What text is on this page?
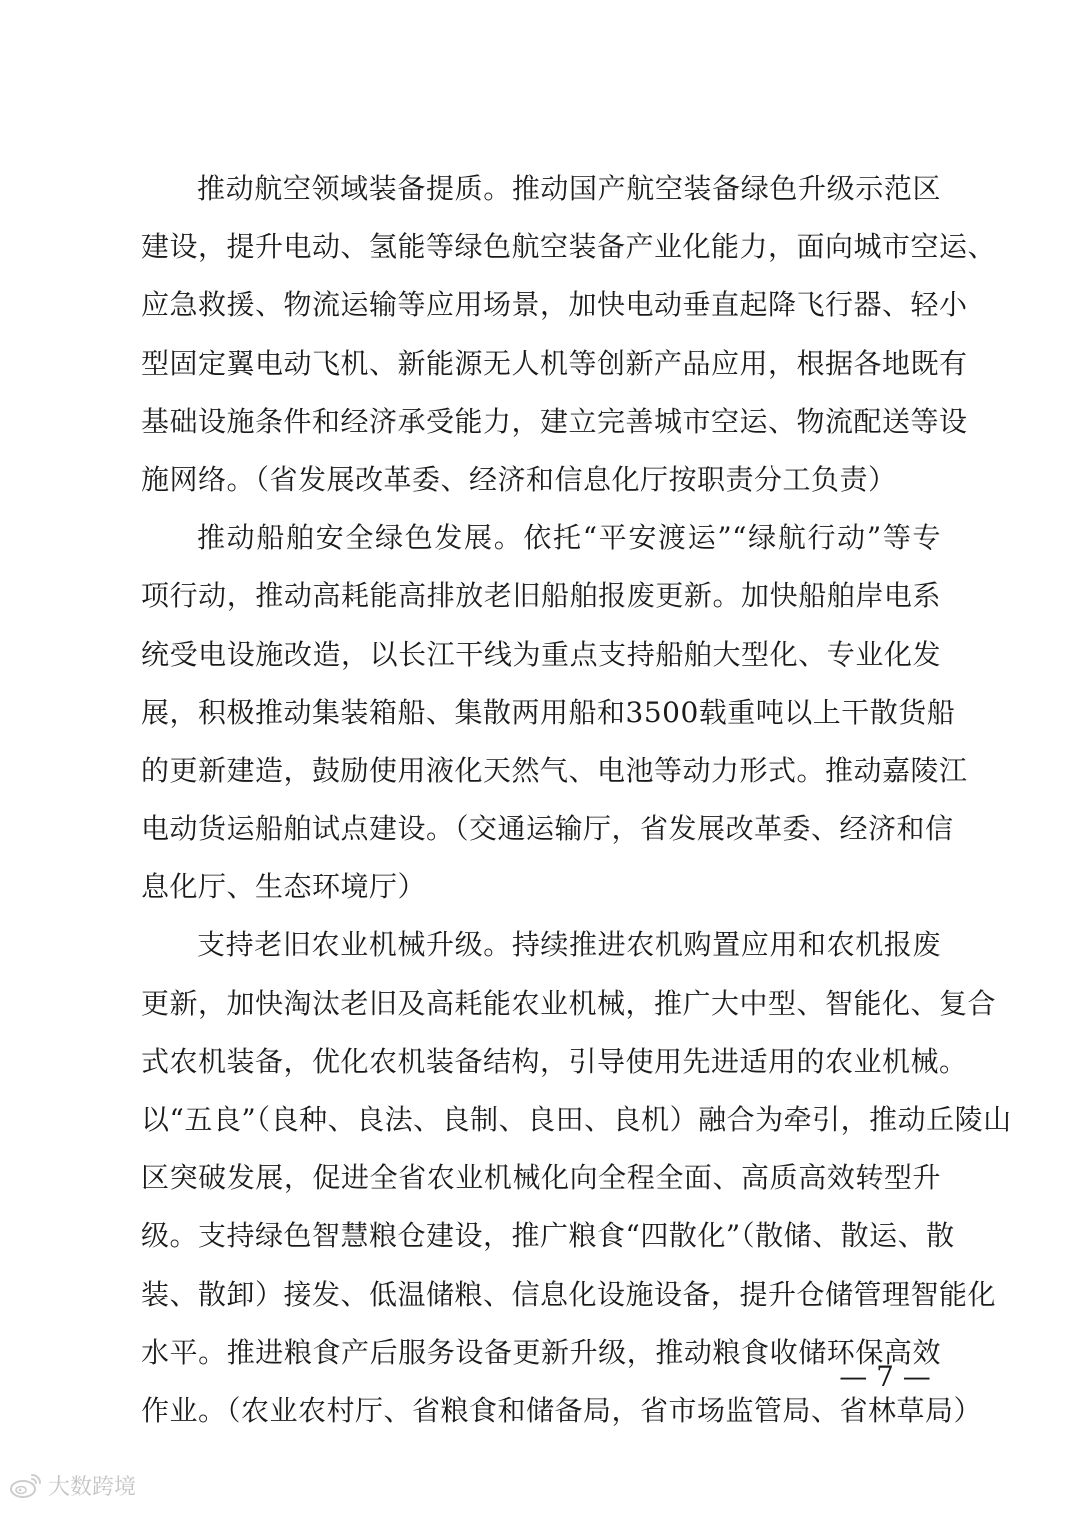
推动航空领域装备提质。推动国产航空装备绿色升级示范区
建设，提升电动、氢能等绿色航空装备产业化能力，面向城市空运、
应急救援、物流运输等应用场景，加快电动垂直起降飞行器、轻小
型固定翼电动飞机、新能源无人机等创新产品应用，根据各地既有
基础设施条件和经济承受能力，建立完善城市空运、物流配送等设
施网络。（省发展改革委、经济和信息化厅按职责分工负责）
推动船舶安全绿色发展。依托“平安渡运”“绿航行动”等专
项行动，推动高耗能高排放老旧船舶报废更新。加快船舶岸电系
统受电设施改造，以长江干线为重点支持船舶大型化、专业化发
展，积极推动集装箱船、集散两用船和3500载重吨以上干散货船
的更新建造，鼓励使用液化天然气、电池等动力形式。推动嘉陵江
电动货运船舶试点建设。（交通运输厅，省发展改革委、经济和信
息化厅、生态环境厅）
支持老旧农业机械升级。持续推进农机购置应用和农机报废
更新，加快淘汰老旧及高耗能农业机械，推广大中型、智能化、复合
式农机装备，优化农机装备结构，引导使用先进适用的农业机械。
以“五良”（良种、良法、良制、良田、良机）融合为牵引，推动丘陵山
区突破发展，促进全省农业机械化向全程全面、高质高效转型升
级。支持绿色智慧粮仓建设，推广粮食“四散化”（散储、散运、散
装、散卸）接发、低温储粮、信息化设施设备，提升仓储管理智能化
水平。推进粮食产后服务设备更新升级，推动粮食收储环保高效
作业。（农业农村厅、省粮食和储备局，省市场监管局、省林草局）
— 7 —
大数跨境
